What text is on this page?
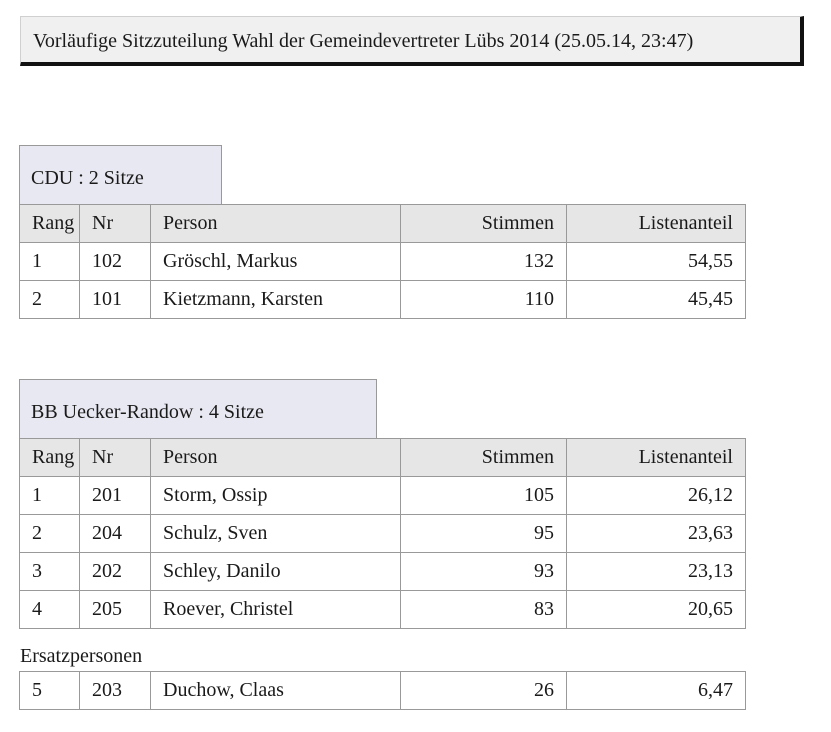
Vorläufige Sitzzuteilung Wahl der Gemeindevertreter Lübs 2014 (25.05.14, 23:47)
CDU : 2 Sitze
Rang	Nr	Person	Stimmen	Listenanteil
1	102	Gröschl, Markus	132	54,55
2	101	Kietzmann, Karsten	110	45,45
BB Uecker-Randow : 4 Sitze
Rang	Nr	Person	Stimmen	Listenanteil
1	201	Storm, Ossip	105	26,12
2	204	Schulz, Sven	95	23,63
3	202	Schley, Danilo	93	23,13
4	205	Roever, Christel	83	20,65
Ersatzpersonen
5	203	Duchow, Claas	26	6,47
